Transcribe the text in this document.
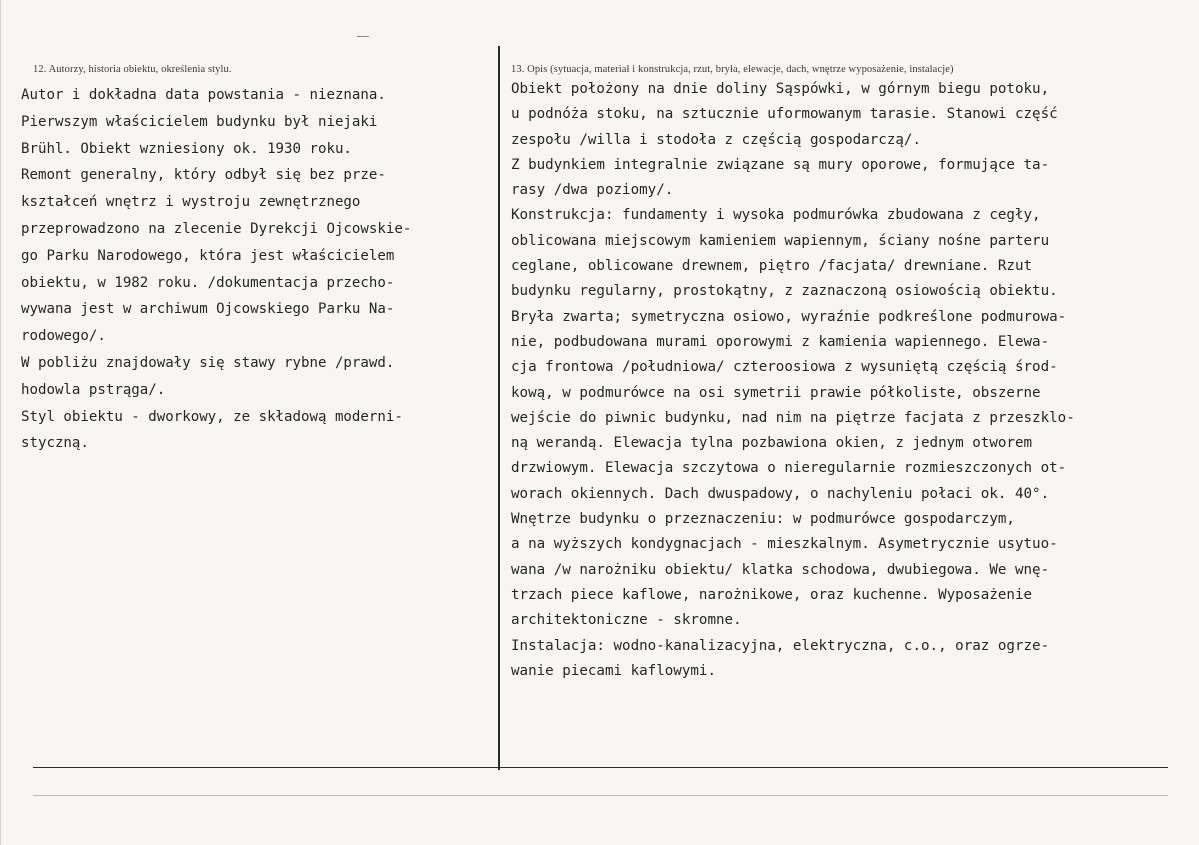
12. Autorzy, historia obiektu, określenia stylu.	13. Opis (sytuacja, materiał i konstrukcja, rzut, bryła, elewacje, dach, wnętrze wyposażenie, instalacje)
Autor i dokładna data powstania - nieznana.
Pierwszym właścicielem budynku był niejaki
Brühl. Obiekt wzniesiony ok. 1930 roku.
Remont generalny, który odbył się bez prze-
kształceń wnętrz i wystroju zewnętrznego
przeprowadzono na zlecenie Dyrekcji Ojcowskie-
go Parku Narodowego, która jest właścicielem
obiektu, w 1982 roku. /dokumentacja przecho-
wywana jest w archiwum Ojcowskiego Parku Na-
rodowego/.
W pobliżu znajdowały się stawy rybne /prawd.
hodowla pstrąga/.
Styl obiektu - dworkowy, ze składową moderni-
styczną.
Obiekt położony na dnie doliny Sąspówki, w górnym biegu potoku,
u podnóża stoku, na sztucznie uformowanym tarasie. Stanowi część
zespołu /willa i stodoła z częścią gospodarczą/.
Z budynkiem integralnie związane są mury oporowe, formujące ta-
rasy /dwa poziomy/.
Konstrukcja: fundamenty i wysoka podmurówka zbudowana z cegły,
oblicowana miejscowym kamieniem wapiennym, ściany nośne parteru
ceglane, oblicowane drewnem, piętro /facjata/ drewniane. Rzut
budynku regularny, prostokątny, z zaznaczoną osiowością obiektu.
Bryła zwarta; symetryczna osiowo, wyraźnie podkreślone podmurowa-
nie, podbudowana murami oporowymi z kamienia wapiennego. Elewa-
cja frontowa /południowa/ czteroosiowa z wysuniętą częścią środ-
kową, w podmurówce na osi symetrii prawie półkoliste, obszerne
wejście do piwnic budynku, nad nim na piętrze facjata z przeszklo-
ną werandą. Elewacja tylna pozbawiona okien, z jednym otworem
drzwiowym. Elewacja szczytowa o nieregularnie rozmieszczonych ot-
worach okiennych. Dach dwuspadowy, o nachyleniu połaci ok. 40°.
Wnętrze budynku o przeznaczeniu: w podmurówce gospodarczym,
a na wyższych kondygnacjach - mieszkalnym. Asymetrycznie usytuo-
wana /w narożniku obiektu/ klatka schodowa, dwubiegowa. We wnę-
trzach piece kaflowe, narożnikowe, oraz kuchenne. Wyposażenie
architektoniczne - skromne.
Instalacja: wodno-kanalizacyjna, elektryczna, c.o., oraz ogrze-
wanie piecami kaflowymi.
